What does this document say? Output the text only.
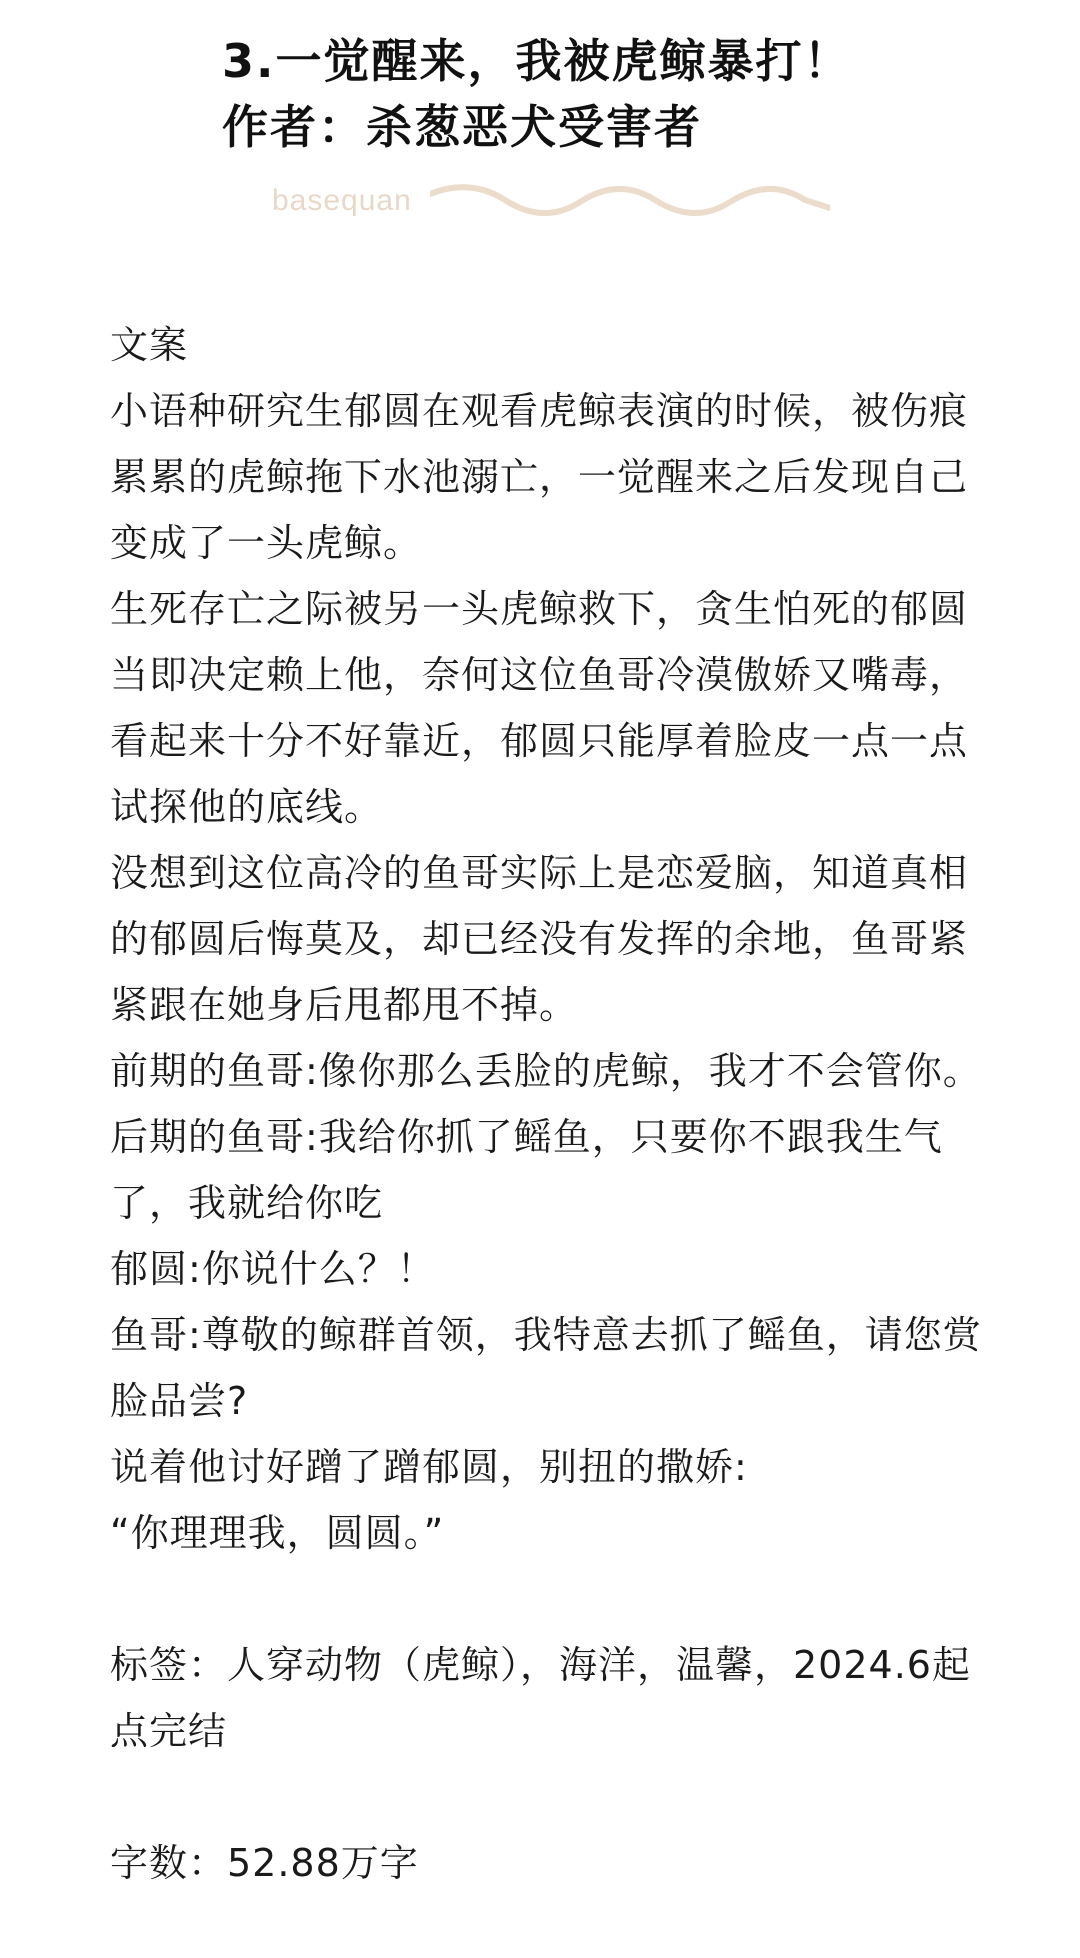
3.一觉醒来，我被虎鲸暴打！
作者：杀葱恶犬受害者
basequan

文案

小语种研究生郁圆在观看虎鲸表演的时候，被伤痕累累的虎鲸拖下水池溺亡，一觉醒来之后发现自己变成了一头虎鲸。

生死存亡之际被另一头虎鲸救下，贪生怕死的郁圆当即决定赖上他，奈何这位鱼哥冷漠傲娇又嘴毒，看起来十分不好靠近，郁圆只能厚着脸皮一点一点试探他的底线。

没想到这位高冷的鱼哥实际上是恋爱脑，知道真相的郁圆后悔莫及，却已经没有发挥的余地，鱼哥紧紧跟在她身后甩都甩不掉。

前期的鱼哥:像你那么丢脸的虎鲸，我才不会管你。

后期的鱼哥:我给你抓了鳐鱼，只要你不跟我生气了，我就给你吃

郁圆:你说什么？！

鱼哥:尊敬的鲸群首领，我特意去抓了鳐鱼，请您赏脸品尝?

说着他讨好蹭了蹭郁圆，别扭的撒娇:

“你理理我，圆圆。”

标签：人穿动物（虎鲸），海洋，温馨，2024.6起点完结

字数：52.88万字
